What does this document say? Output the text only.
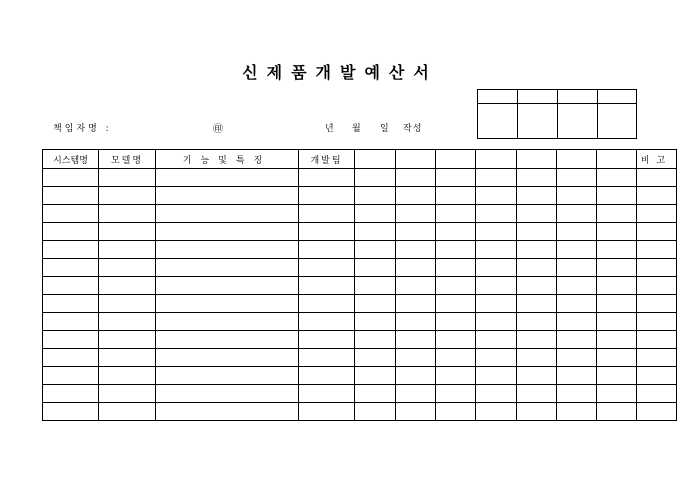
신제품개발예산서
책임자명 :	㊞	년 월 일 작성

시스템명	모델명	기능및특징	개발팀								비고
